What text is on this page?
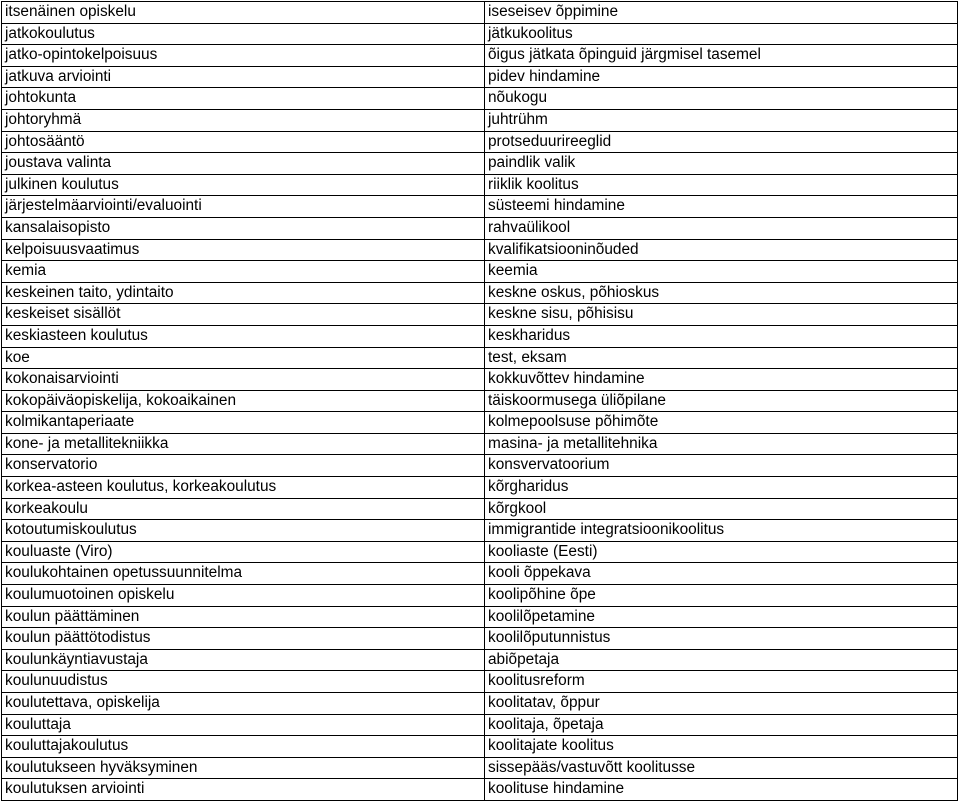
itsenäinen opiskelu	iseseisev õppimine
jatkokoulutus	jätkukoolitus
jatko-opintokelpoisuus	õigus jätkata õpinguid järgmisel tasemel
jatkuva arviointi	pidev hindamine
johtokunta	nõukogu
johtoryhmä	juhtrühm
johtosääntö	protseduurireeglid
joustava valinta	paindlik valik
julkinen koulutus	riiklik koolitus
järjestelmäarviointi/evaluointi	süsteemi hindamine
kansalaisopisto	rahvaülikool
kelpoisuusvaatimus	kvalifikatsiooninõuded
kemia	keemia
keskeinen taito, ydintaito	keskne oskus, põhioskus
keskeiset sisällöt	keskne sisu, põhisisu
keskiasteen koulutus	keskharidus
koe	test, eksam
kokonaisarviointi	kokkuvõttev hindamine
kokopäiväopiskelija, kokoaikainen	täiskoormusega üliõpilane
kolmikantaperiaate	kolmepoolsuse põhimõte
kone- ja metallitekniikka	masina- ja metallitehnika
konservatorio	konsvervatoorium
korkea-asteen koulutus, korkeakoulutus	kõrgharidus
korkeakoulu	kõrgkool
kotoutumiskoulutus	immigrantide integratsioonikoolitus
kouluaste (Viro)	kooliaste (Eesti)
koulukohtainen opetussuunnitelma	kooli õppekava
koulumuotoinen opiskelu	koolipõhine õpe
koulun päättäminen	koolilõpetamine
koulun päättötodistus	koolilõputunnistus
koulunkäyntiavustaja	abiõpetaja
koulunuudistus	koolitusreform
koulutettava, opiskelija	koolitatav, õppur
kouluttaja	koolitaja, õpetaja
kouluttajakoulutus	koolitajate koolitus
koulutukseen hyväksyminen	sissepääs/vastuvõtt koolitusse
koulutuksen arviointi	koolituse hindamine
